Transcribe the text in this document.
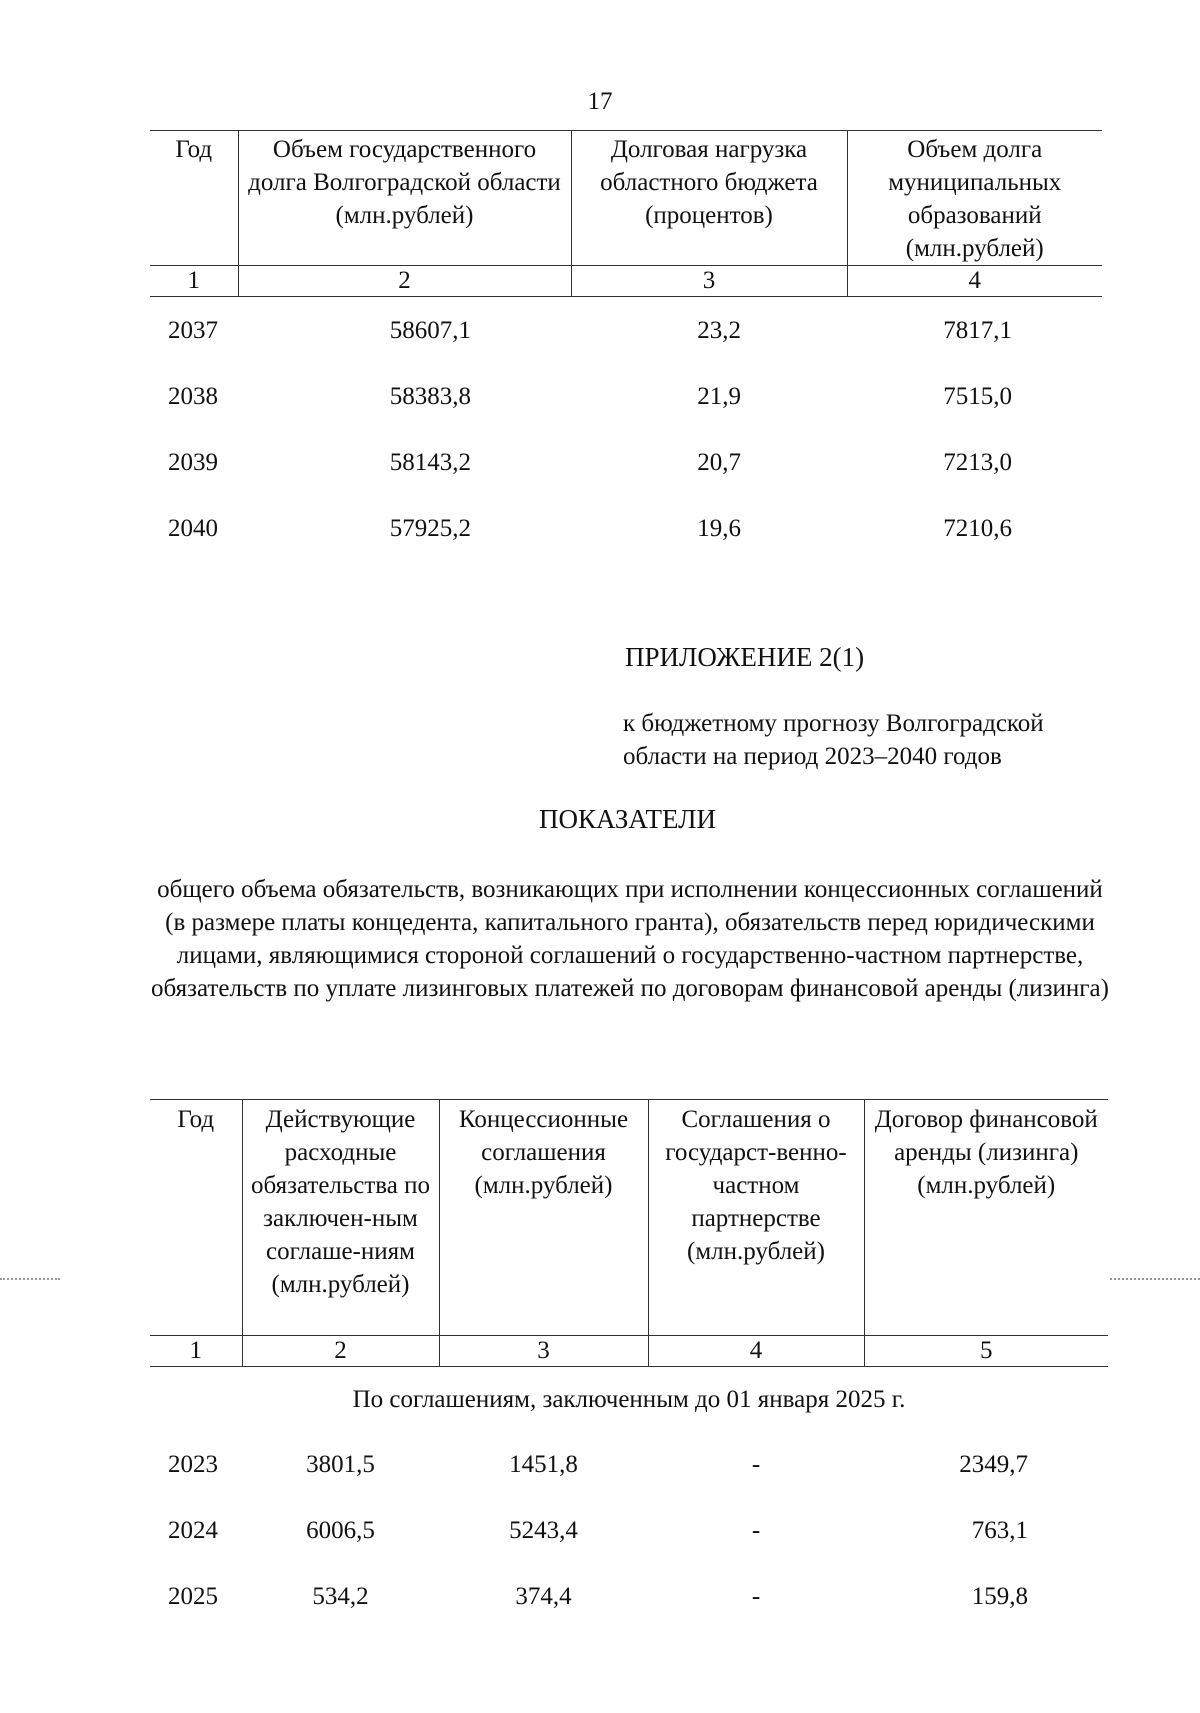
17
Год	Объем государственного долга Волгоградской области (млн.рублей)	Долговая нагрузка областного бюджета (процентов)	Объем долга муниципальных образований (млн.рублей)
1	2	3	4
2037	58607,1	23,2	7817,1
2038	58383,8	21,9	7515,0
2039	58143,2	20,7	7213,0
2040	57925,2	19,6	7210,6
ПРИЛОЖЕНИЕ 2(1)
к бюджетному прогнозу Волгоградской
области на период 2023–2040 годов
ПОКАЗАТЕЛИ
общего объема обязательств, возникающих при исполнении концессионных соглашений (в размере платы концедента, капитального гранта), обязательств перед юридическими лицами, являющимися стороной соглашений о государственно-частном партнерстве, обязательств по уплате лизинговых платежей по договорам финансовой аренды (лизинга)
Год	Действующие расходные обязательства по заключен-ным соглаше-ниям (млн.рублей)	Концессионные соглашения (млн.рублей)	Соглашения о государст-венно-частном партнерстве (млн.рублей)	Договор финансовой аренды (лизинга) (млн.рублей)
1	2	3	4	5
По соглашениям, заключенным до 01 января 2025 г.				
2023	3801,5	1451,8	-	2349,7
2024	6006,5	5243,4	-	763,1
2025	534,2	374,4	-	159,8
